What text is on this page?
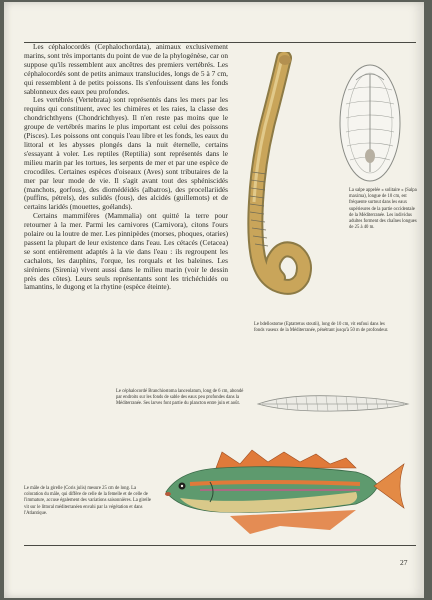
Les céphalocordés (Cephalochordata), animaux exclusivement marins, sont très importants du point de vue de la phylogénèse, car on suppose qu'ils ressemblent aux ancêtres des premiers vertébrés. Les céphalocordés sont de petits animaux translucides, longs de 5 à 7 cm, qui ressemblent à de petits poissons. Ils s'enfouissent dans les fonds sablonneux des eaux peu profondes.

Les vertébrés (Vertebrata) sont représentés dans les mers par les requins qui constituent, avec les chimères et les raies, la classe des chondrichthyens (Chondrichthyes). Il n'en reste pas moins que le groupe de vertébrés marins le plus important est celui des poissons (Pisces). Les poissons ont conquis l'eau libre et les fonds, les eaux du littoral et les abysses plongés dans la nuit éternelle, certains s'essayant à voler. Les reptiles (Reptilia) sont représentés dans le milieu marin par les tortues, les serpents de mer et par une espèce de crocodiles. Certaines espèces d'oiseaux (Aves) sont tributaires de la mer par leur mode de vie. Il s'agit avant tout des sphéniscidés (manchots, gorfous), des diomédéidés (albatros), des procellariidés (puffins, pétrels), des sulidés (fous), des alcidés (guillemots) et de certains laridés (mouettes, goélands).

Certains mammifères (Mammalia) ont quitté la terre pour retourner à la mer. Parmi les carnivores (Carnivora), citons l'ours polaire ou la loutre de mer. Les pinnipèdes (morses, phoques, otaries) passent la plupart de leur existence dans l'eau. Les cétacés (Cetacea) se sont entièrement adaptés à la vie dans l'eau : ils regroupent les cachalots, les dauphins, l'orque, les rorquals et les baleines. Les siréniens (Sirenia) vivent aussi dans le milieu marin (voir le dessin près des côtes). Leurs seuls représentants sont les trichéchidés ou lamantins, le dugong et la rhytine (espèce éteinte).

Le bdellostome (Eptatretus stoutii), long de 10 cm, vit enfoui dans les fonds vaseux de la Méditerranée, pénétrant jusqu'à 50 m de profondeur.
La salpe appelée « solitaire » (Salpa maxima), longue de 10 cm, est fréquente surtout dans les eaux supérieures de la partie occidentale de la Méditerranée. Les individus adultes forment des chaînes longues de 25 à 40 m.
Le céphalocordé Branchiostoma lanceolatum, long de 6 cm, abondé par endroits sur les fonds de sable des eaux peu profondes dans la Méditerranée. Ses larves font partie du plancton entre juin et août.
Le mâle de la girelle (Coris julis) mesure 25 cm de long. La coloration du mâle, qui diffère de celle de la femelle et de celle de l'immature, accuse également des variations saisonnières. La girelle vit sur le littoral méditerranéen envahi par la végétation et dans l'Atlantique.
27
